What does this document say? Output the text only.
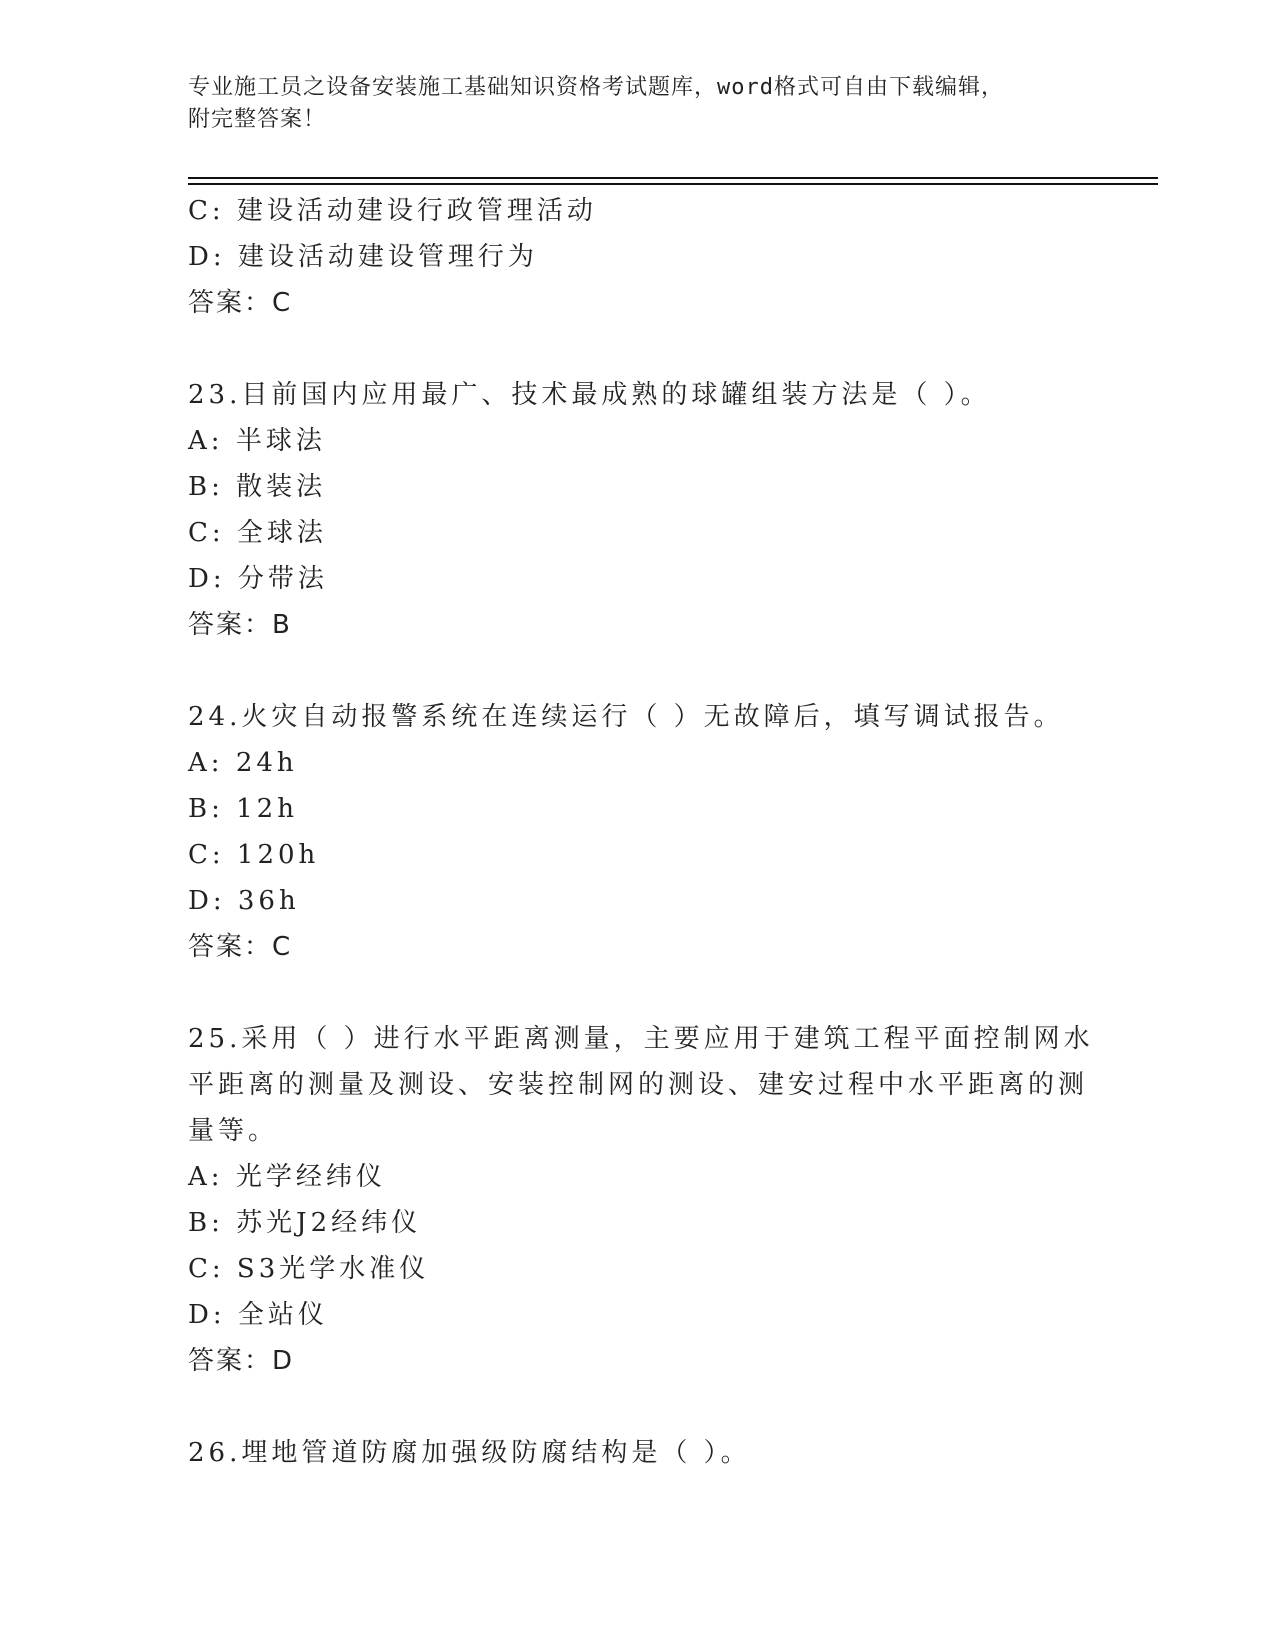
专业施工员之设备安装施工基础知识资格考试题库，word格式可自由下载编辑，
附完整答案！
C: 建设活动建设行政管理活动
D: 建设活动建设管理行为
答案：C
23.目前国内应用最广、技术最成熟的球罐组装方法是（ ）。
A: 半球法
B: 散装法
C: 全球法
D: 分带法
答案：B
24.火灾自动报警系统在连续运行（ ）无故障后，填写调试报告。
A: 24h
B: 12h
C: 120h
D: 36h
答案：C
25.采用（ ）进行水平距离测量，主要应用于建筑工程平面控制网水
平距离的测量及测设、安装控制网的测设、建安过程中水平距离的测
量等。
A: 光学经纬仪
B: 苏光J2经纬仪
C: S3光学水准仪
D: 全站仪
答案：D
26.埋地管道防腐加强级防腐结构是（ ）。
